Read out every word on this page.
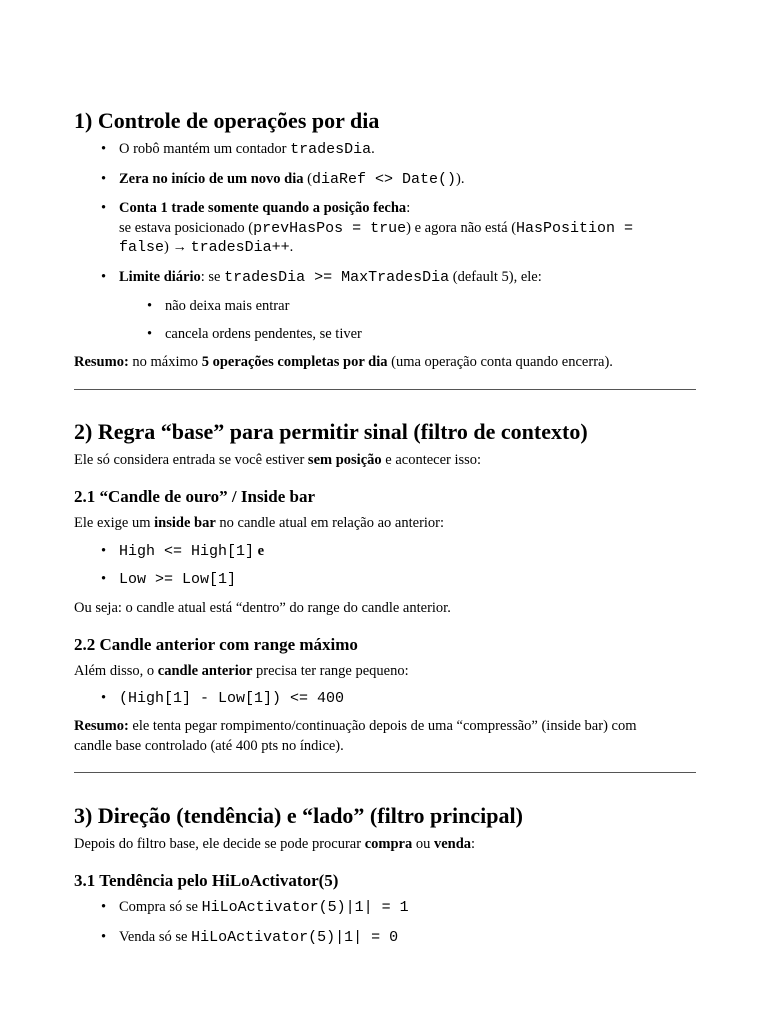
1) Controle de operações por dia
• O robô mantém um contador tradesDia.
• Zera no início de um novo dia (diaRef <> Date()).
• Conta 1 trade somente quando a posição fecha:
se estava posicionado (prevHasPos = true) e agora não está (HasPosition =
false) → tradesDia++.
• Limite diário: se tradesDia >= MaxTradesDia (default 5), ele:
• não deixa mais entrar
• cancela ordens pendentes, se tiver
Resumo: no máximo 5 operações completas por dia (uma operação conta quando encerra).
2) Regra “base” para permitir sinal (filtro de contexto)
Ele só considera entrada se você estiver sem posição e acontecer isso:
2.1 “Candle de ouro” / Inside bar
Ele exige um inside bar no candle atual em relação ao anterior:
• High <= High[1] e
• Low >= Low[1]
Ou seja: o candle atual está “dentro” do range do candle anterior.
2.2 Candle anterior com range máximo
Além disso, o candle anterior precisa ter range pequeno:
• (High[1] - Low[1]) <= 400
Resumo: ele tenta pegar rompimento/continuação depois de uma “compressão” (inside bar) com
candle base controlado (até 400 pts no índice).
3) Direção (tendência) e “lado” (filtro principal)
Depois do filtro base, ele decide se pode procurar compra ou venda:
3.1 Tendência pelo HiLoActivator(5)
• Compra só se HiLoActivator(5)|1| = 1
• Venda só se HiLoActivator(5)|1| = 0
